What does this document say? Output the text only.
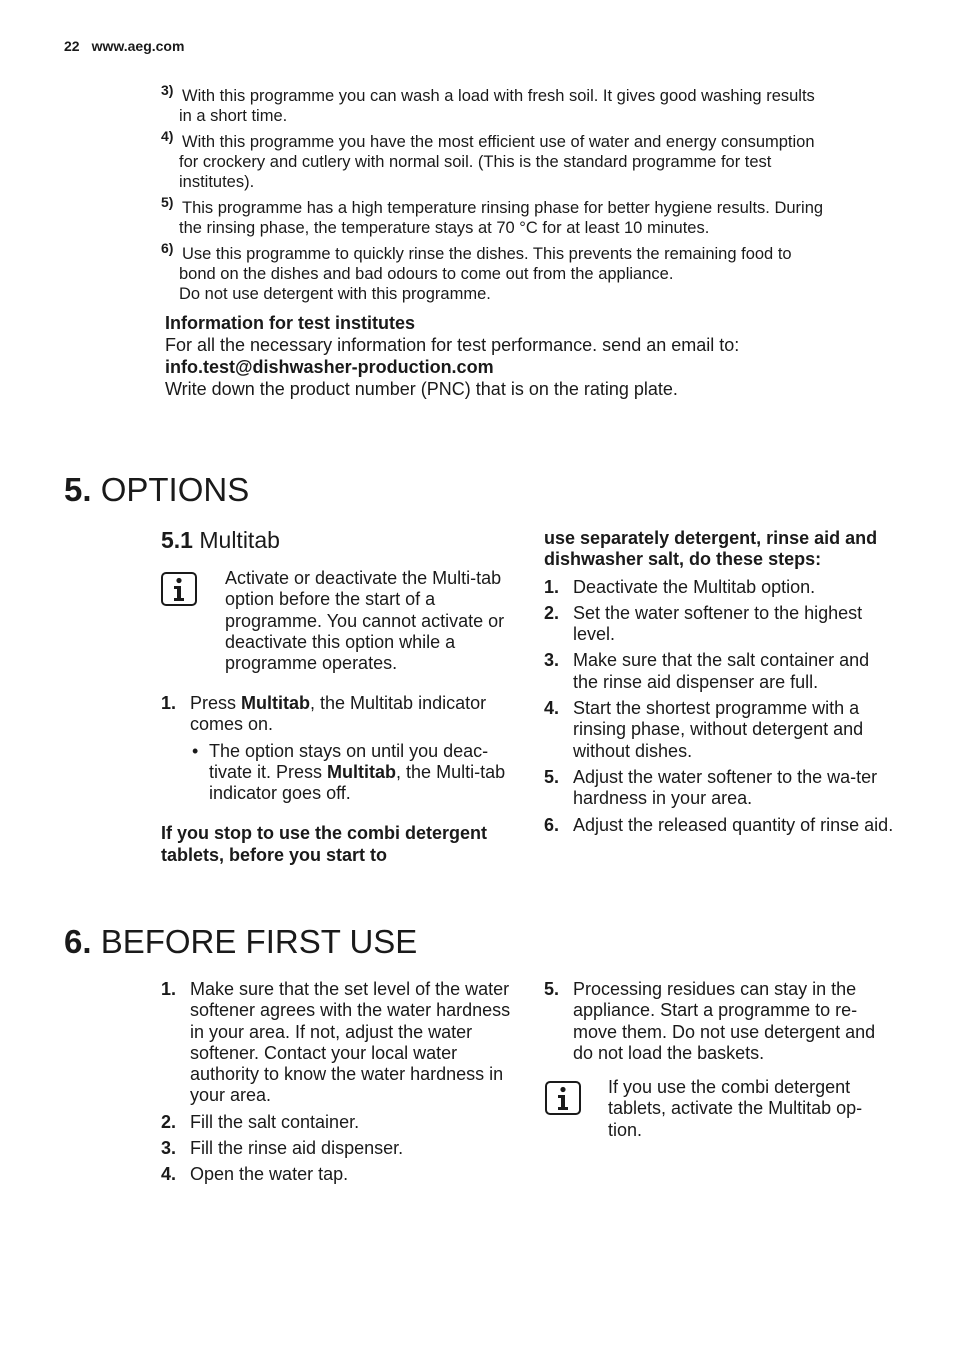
22 www.aeg.com
3) With this programme you can wash a load with fresh soil. It gives good washing results

in a short time.

4) With this programme you have the most efficient use of water and energy consumption

for crockery and cutlery with normal soil. (This is the standard programme for test

institutes).

5) This programme has a high temperature rinsing phase for better hygiene results. During

the rinsing phase, the temperature stays at 70 °C for at least 10 minutes.

6) Use this programme to quickly rinse the dishes. This prevents the remaining food to

bond on the dishes and bad odours to come out from the appliance.

Do not use detergent with this programme.

Information for test institutes
For all the necessary information for test performance. send an email to:
info.test@dishwasher-production.com
Write down the product number (PNC) that is on the rating plate.
5. OPTIONS
5.1 Multitab
Activate or deactivate the Multi-tab option before the start of a programme. You cannot activate or deactivate this option while a programme operates.
1. Press Multitab, the Multitab indicator comes on.
• The option stays on until you deac-tivate it. Press Multitab, the Multi-tab indicator goes off.

If you stop to use the combi detergent tablets, before you start to

use separately detergent, rinse aid and dishwasher salt, do these steps:

1. Deactivate the Multitab option.
2. Set the water softener to the highest level.
3. Make sure that the salt container and the rinse aid dispenser are full.
4. Start the shortest programme with a rinsing phase, without detergent and without dishes.
5. Adjust the water softener to the wa-ter hardness in your area.
6. Adjust the released quantity of rinse aid.
6. BEFORE FIRST USE
1. Make sure that the set level of the water softener agrees with the water hardness in your area. If not, adjust the water softener. Contact your local water authority to know the water hardness in your area.
2. Fill the salt container.
3. Fill the rinse aid dispenser.
4. Open the water tap.
5. Processing residues can stay in the appliance. Start a programme to re-move them. Do not use detergent and do not load the baskets.
If you use the combi detergent tablets, activate the Multitab op-tion.
